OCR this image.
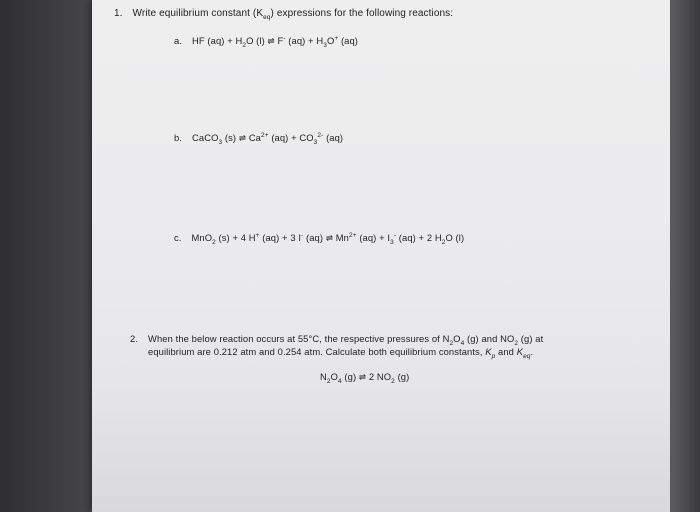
1. Write equilibrium constant $(K_{eq})$ expressions for the following reactions:
a. HF $(aq) + H_2O$ (l) ⇌ F- $(aq) + H_3O^+$ (aq)
b. CaCO$_3$ (s) ⇌ $Ca^{2+}$ $(aq) + CO_3^{2-}$ (aq)
c. MnO$_2$ (s) + 4 H+ (aq) + 3 I- (aq) ⇌ $Mn^{2+}$ $(aq) + I_3^-$ (aq) + 2 $H_2O$ (l)
2. When the below reaction occurs at 55°C, the respective pressures of $N_2O_4$ (g) and $NO_2$ (g) at
equilibrium are 0.212 atm and 0.254 atm. Calculate both equilibrium constants, $K_p$ and $K_{eq}$.
$N_2O_4$ (g) ⇌ 2 $NO_2$ (g)
